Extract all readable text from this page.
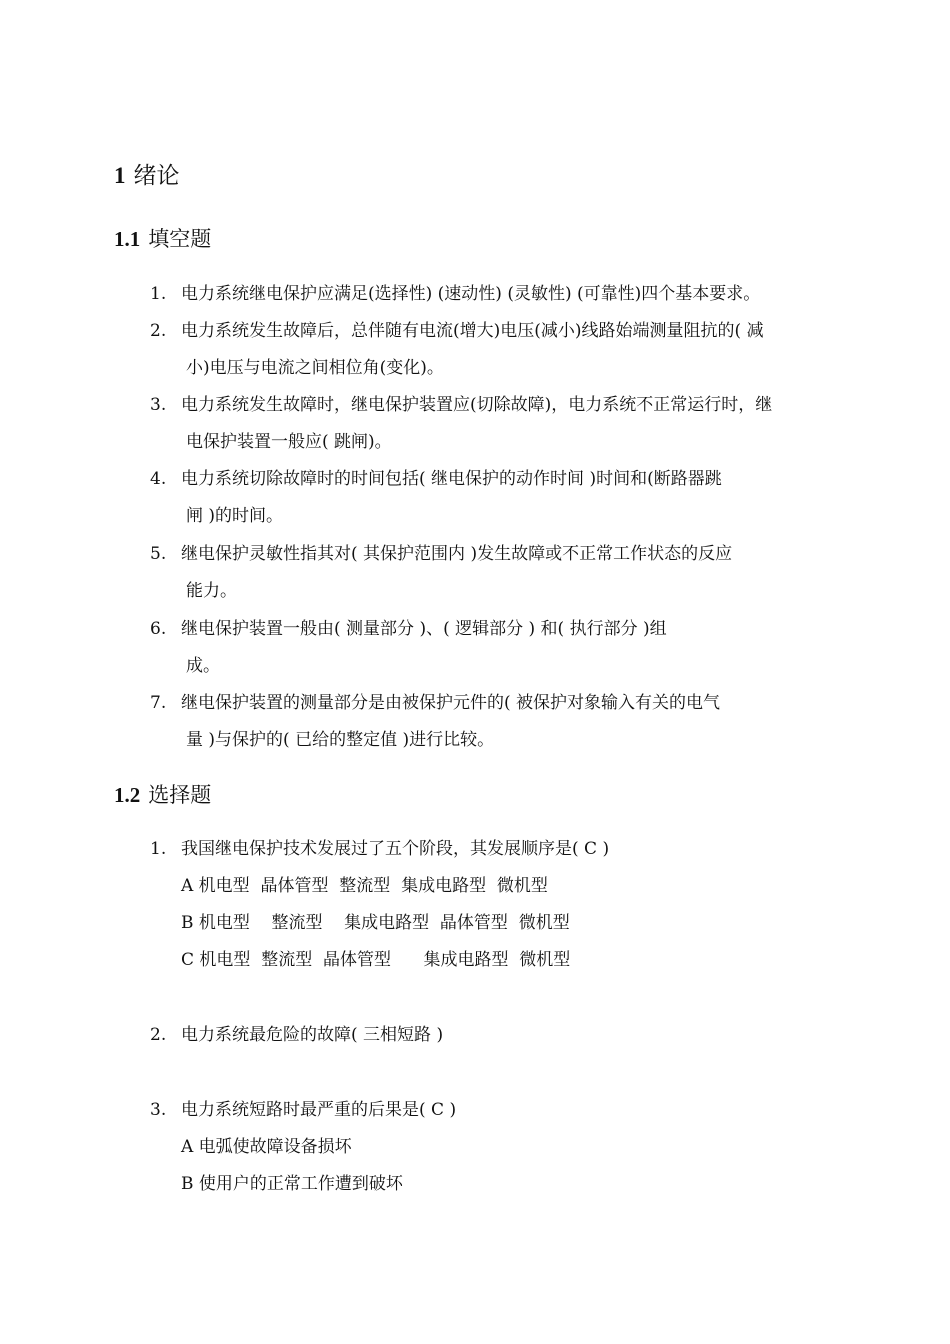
1 绪论
1.1 填空题
1. 电力系统继电保护应满足(选择性) (速动性) (灵敏性) (可靠性)四个基本要求。
2. 电力系统发生故障后，总伴随有电流(增大)电压(减小)线路始端测量阻抗的( 减
小)电压与电流之间相位角(变化)。
3. 电力系统发生故障时，继电保护装置应(切除故障)，电力系统不正常运行时，继
电保护装置一般应( 跳闸)。
4. 电力系统切除故障时的时间包括( 继电保护的动作时间 )时间和(断路器跳
闸 )的时间。
5. 继电保护灵敏性指其对( 其保护范围内 )发生故障或不正常工作状态的反应
能力。
6. 继电保护装置一般由( 测量部分 )、( 逻辑部分 ) 和( 执行部分 )组
成。
7. 继电保护装置的测量部分是由被保护元件的( 被保护对象输入有关的电气
量 )与保护的( 已给的整定值 )进行比较。
1.2 选择题
1. 我国继电保护技术发展过了五个阶段，其发展顺序是( C )
A 机电型  晶体管型  整流型  集成电路型  微机型
B 机电型    整流型    集成电路型  晶体管型  微机型
C 机电型  整流型  晶体管型      集成电路型  微机型
2. 电力系统最危险的故障( 三相短路 )
3. 电力系统短路时最严重的后果是( C )
A 电弧使故障设备损坏
B 使用户的正常工作遭到破坏
